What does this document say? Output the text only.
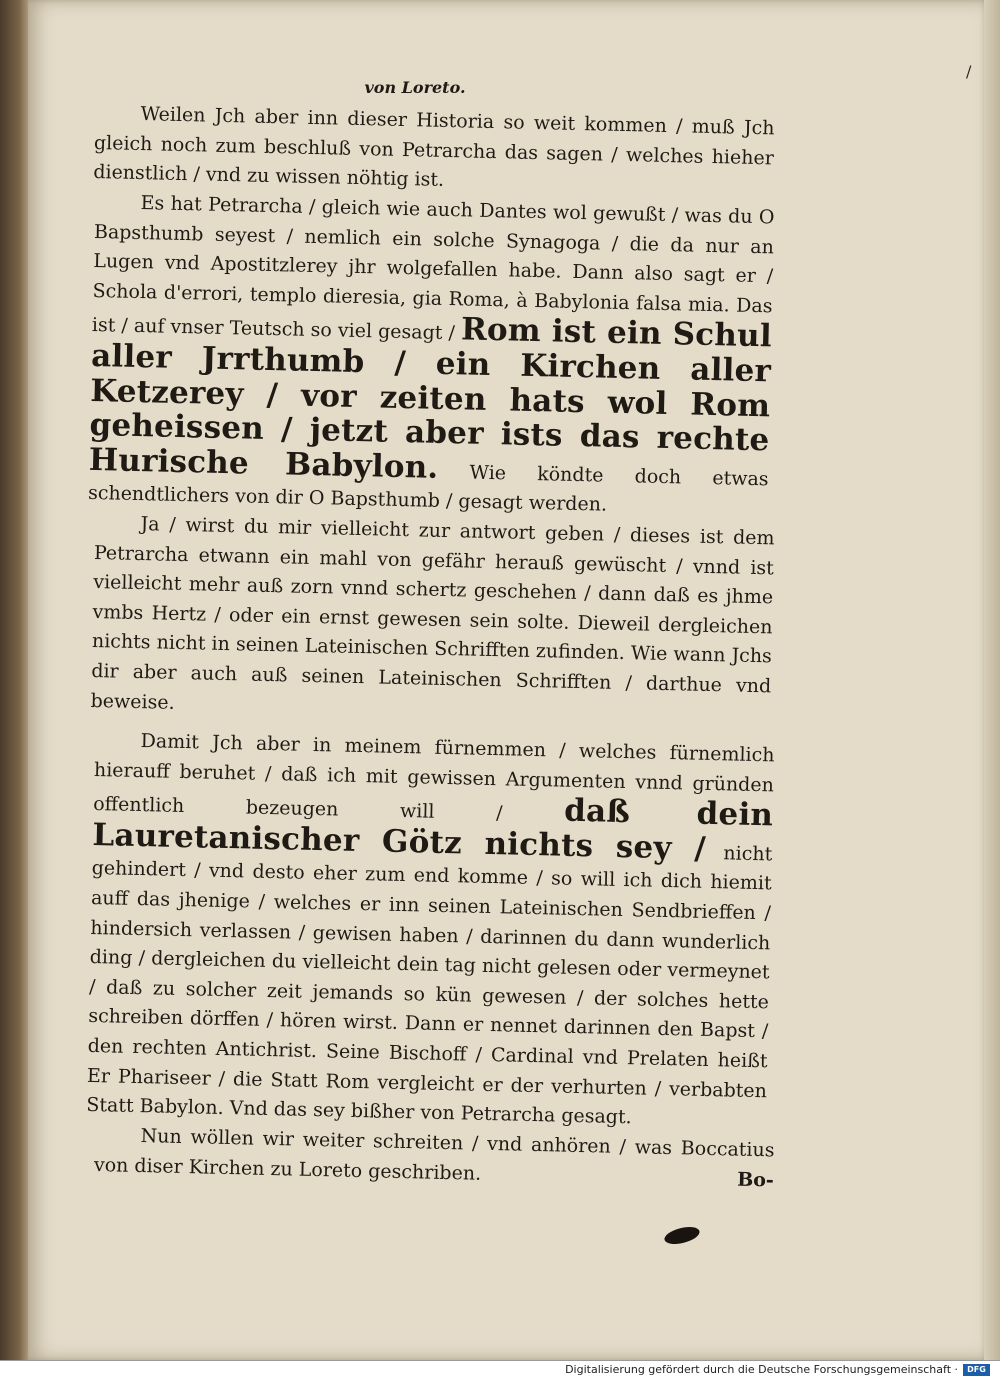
/
von Loreto.

Weilen Jch aber inn dieser Historia so weit kommen / muß Jch gleich noch zum beschluß von Petrarcha das sagen / welches hieher dienstlich / vnd zu wissen nöhtig ist.

Es hat Petrarcha / gleich wie auch Dantes wol gewußt / was du O Bapsthumb seyest / nemlich ein solche Synagoga / die da nur an Lugen vnd Apostitzlerey jhr wolgefallen habe. Dann also sagt er / Schola d'errori, templo dieresia, gia Roma, à Babylonia falsa mia. Das ist / auf vnser Teutsch so viel gesagt / Rom ist ein Schul aller Jrrthumb / ein Kirchen aller Ketzerey / vor zeiten hats wol Rom geheissen / jetzt aber ists das rechte Hurische Babylon. Wie köndte doch etwas schendtlichers von dir O Bapsthumb / gesagt werden.

Ja / wirst du mir vielleicht zur antwort geben / dieses ist dem Petrarcha etwann ein mahl von gefähr herauß gewüscht / vnnd ist vielleicht mehr auß zorn vnnd schertz geschehen / dann daß es jhme vmbs Hertz / oder ein ernst gewesen sein solte. Dieweil dergleichen nichts nicht in seinen Lateinischen Schrifften zufinden. Wie wann Jchs dir aber auch auß seinen Lateinischen Schrifften / darthue vnd beweise.

Damit Jch aber in meinem fürnemmen / welches fürnemlich hierauff beruhet / daß ich mit gewissen Argumenten vnnd gründen offentlich bezeugen will / daß dein Lauretanischer Götz nichts sey / nicht gehindert / vnd desto eher zum end komme / so will ich dich hiemit auff das jhenige / welches er inn seinen Lateinischen Sendbrieffen / hindersich verlassen / gewisen haben / darinnen du dann wunderlich ding / dergleichen du vielleicht dein tag nicht gelesen oder vermeynet / daß zu solcher zeit jemands so kün gewesen / der solches hette schreiben dörffen / hören wirst. Dann er nennet darinnen den Bapst / den rechten Antichrist. Seine Bischoff / Cardinal vnd Prelaten heißt Er Phariseer / die Statt Rom vergleicht er der verhurten / verbabten Statt Babylon. Vnd das sey bißher von Petrarcha gesagt.

Nun wöllen wir weiter schreiten / vnd anhören / was Boccatius von diser Kirchen zu Loreto geschriben.	Bo-

Digitalisierung gefördert durch die Deutsche Forschungsgemeinschaft ·	DFG
